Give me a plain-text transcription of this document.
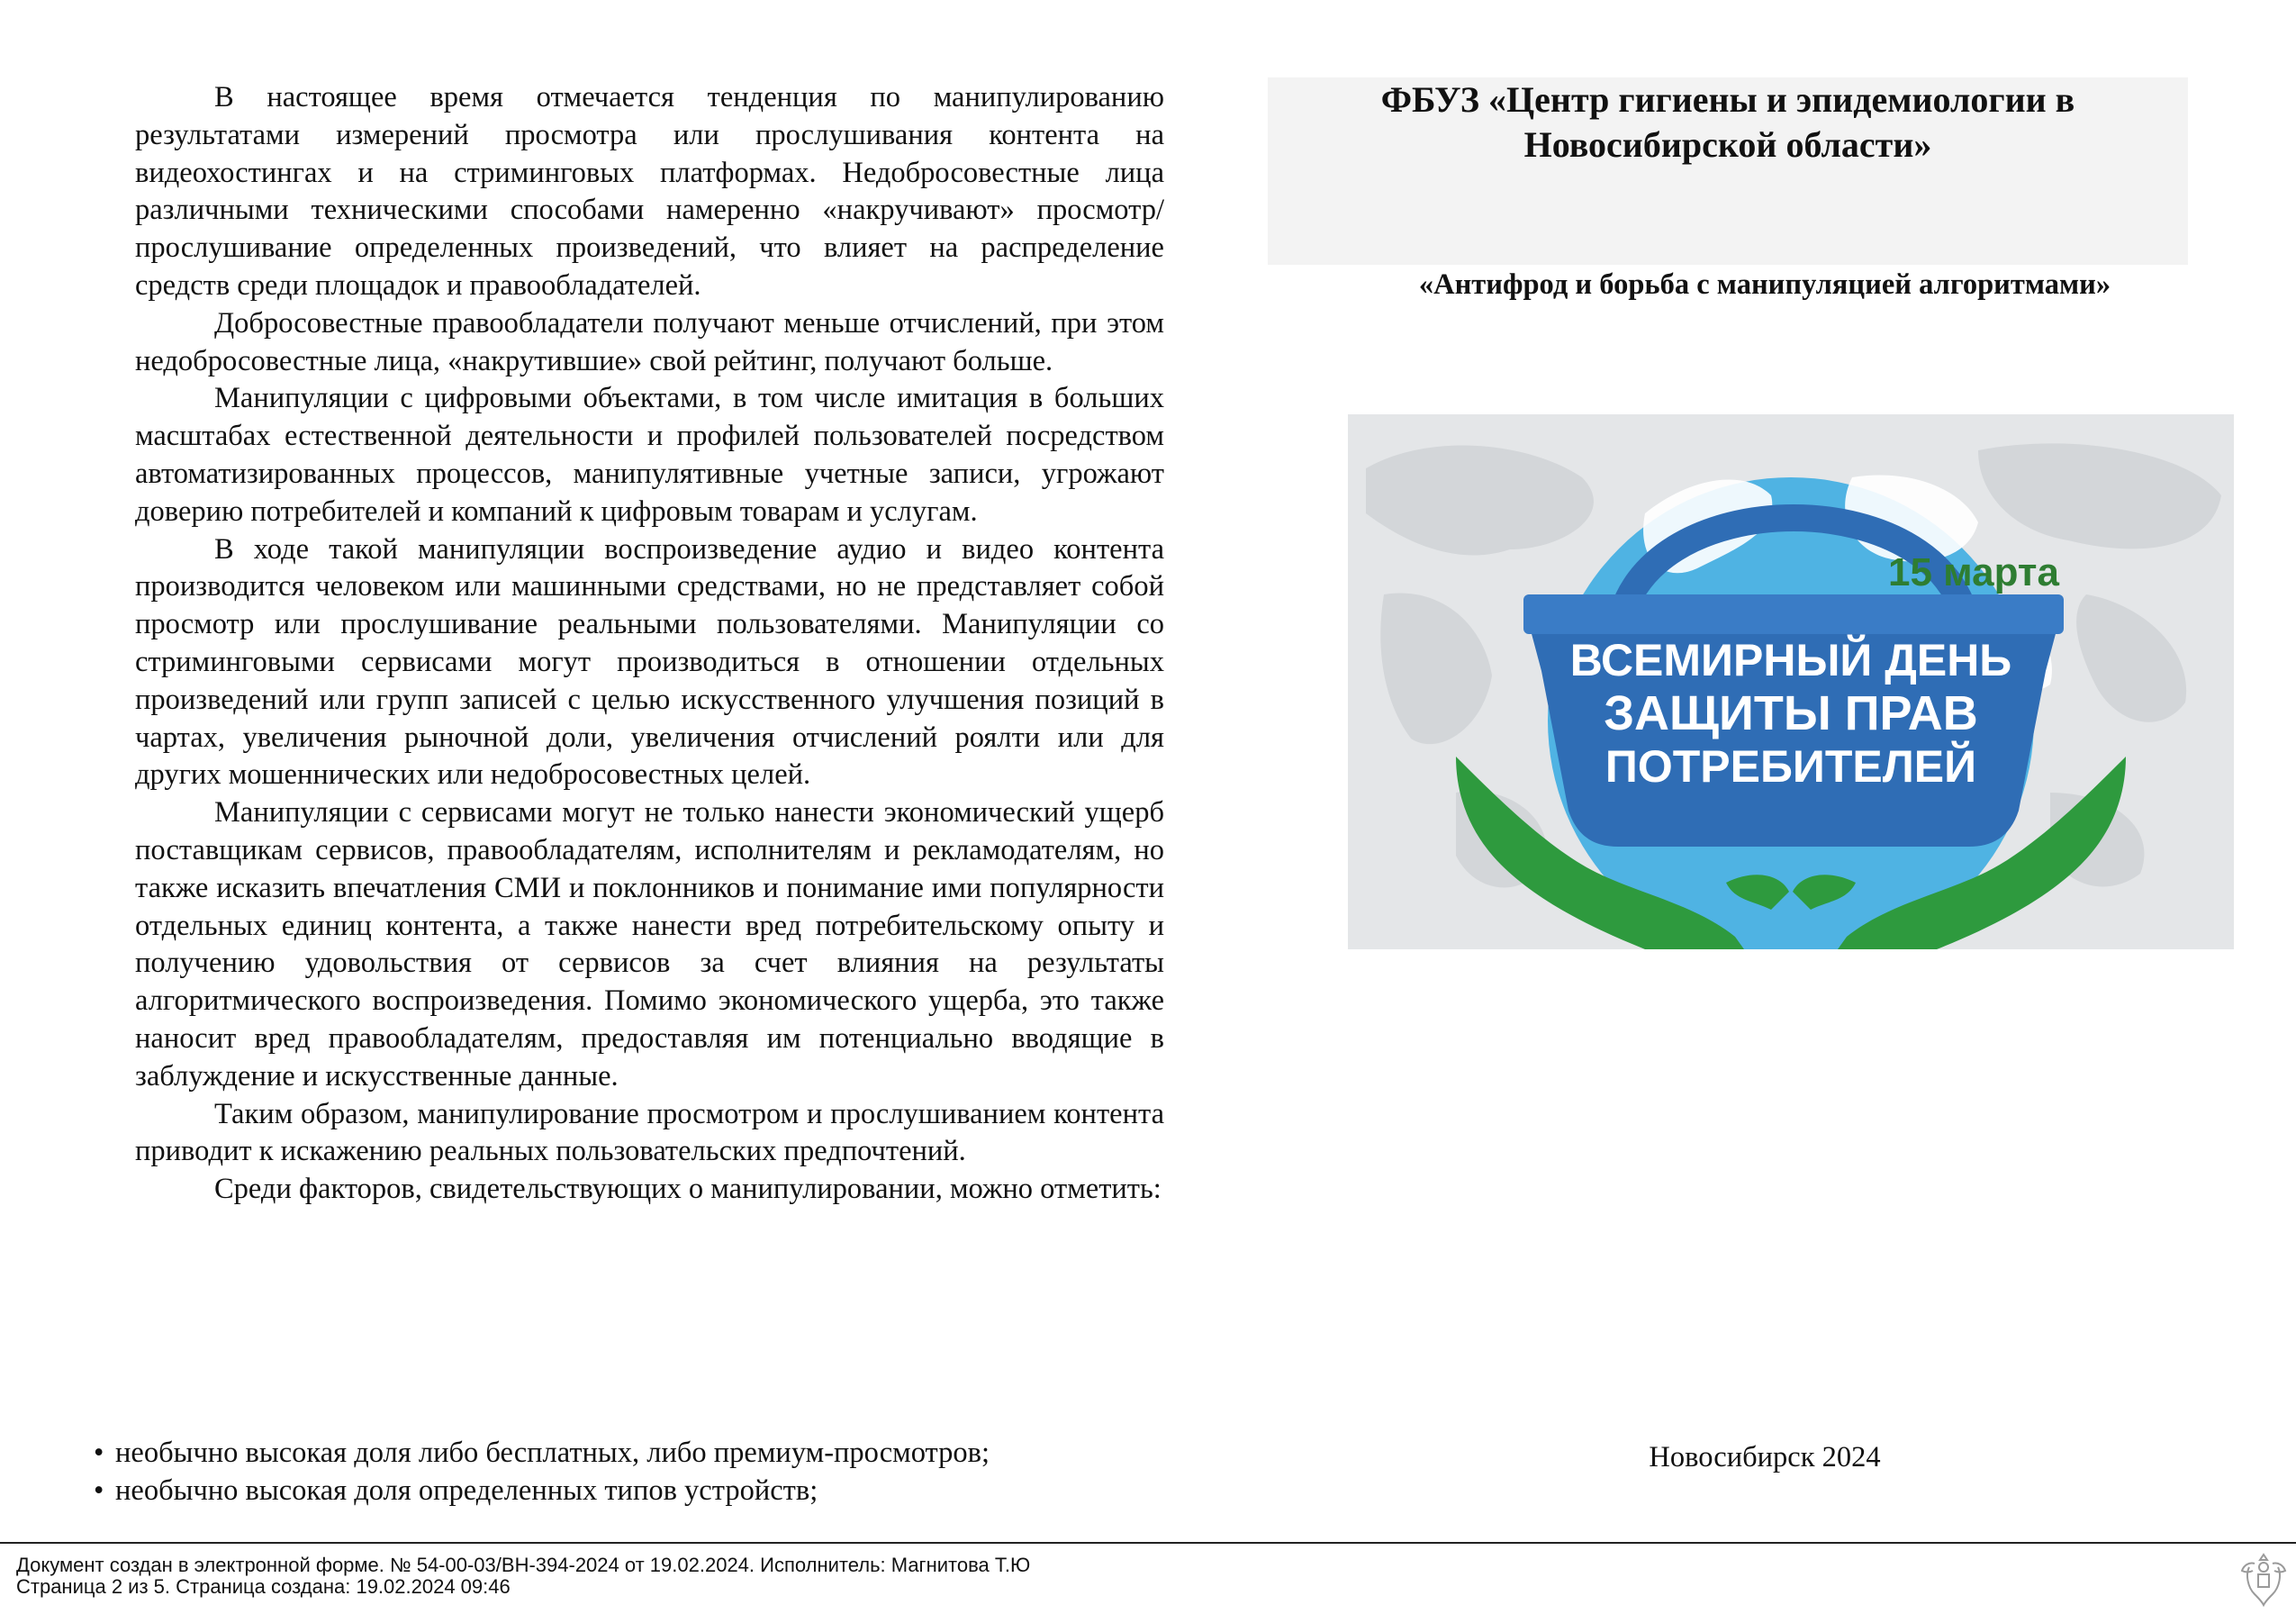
В настоящее время отмечается тенденция по манипулированию результатами измерений просмотра или прослушивания контента на видеохостингах и на стриминговых платформах. Недобросовестные лица различными техническими способами намеренно «накручивают» просмотр/прослушивание определенных произведений, что влияет на распределение средств среди площадок и правообладателей.

Добросовестные правообладатели получают меньше отчислений, при этом недобросовестные лица, «накрутившие» свой рейтинг, получают больше.

Манипуляции с цифровыми объектами, в том числе имитация в больших масштабах естественной деятельности и профилей пользователей посредством автоматизированных процессов, манипулятивные учетные записи, угрожают доверию потребителей и компаний к цифровым товарам и услугам.

В ходе такой манипуляции воспроизведение аудио и видео контента производится человеком или машинными средствами, но не представляет собой просмотр или прослушивание реальными пользователями. Манипуляции со стриминговыми сервисами могут производиться в отношении отдельных произведений или групп записей с целью искусственного улучшения позиций в чартах, увеличения рыночной доли, увеличения отчислений роялти или для других мошеннических или недобросовестных целей.

Манипуляции с сервисами могут не только нанести экономический ущерб поставщикам сервисов, правообладателям, исполнителям и рекламодателям, но также исказить впечатления СМИ и поклонников и понимание ими популярности отдельных единиц контента, а также нанести вред потребительскому опыту и получению удовольствия от сервисов за счет влияния на результаты алгоритмического воспроизведения. Помимо экономического ущерба, это также наносит вред правообладателям, предоставляя им потенциально вводящие в заблуждение и искусственные данные.

Таким образом, манипулирование просмотром и прослушиванием контента приводит к искажению реальных пользовательских предпочтений.

Среди факторов, свидетельствующих о манипулировании, можно отметить:

• необычно высокая доля либо бесплатных, либо премиум-просмотров;
• необычно высокая доля определенных типов устройств;
ФБУЗ «Центр гигиены и эпидемиологии в Новосибирской области»
«Антифрод и борьба с манипуляцией алгоритмами»
15 марта
ВСЕМИРНЫЙ ДЕНЬ
ЗАЩИТЫ ПРАВ
ПОТРЕБИТЕЛЕЙ
Новосибирск 2024
Документ создан в электронной форме. № 54-00-03/ВН-394-2024 от 19.02.2024. Исполнитель: Магнитова Т.Ю
Страница 2 из 5. Страница создана: 19.02.2024 09:46
